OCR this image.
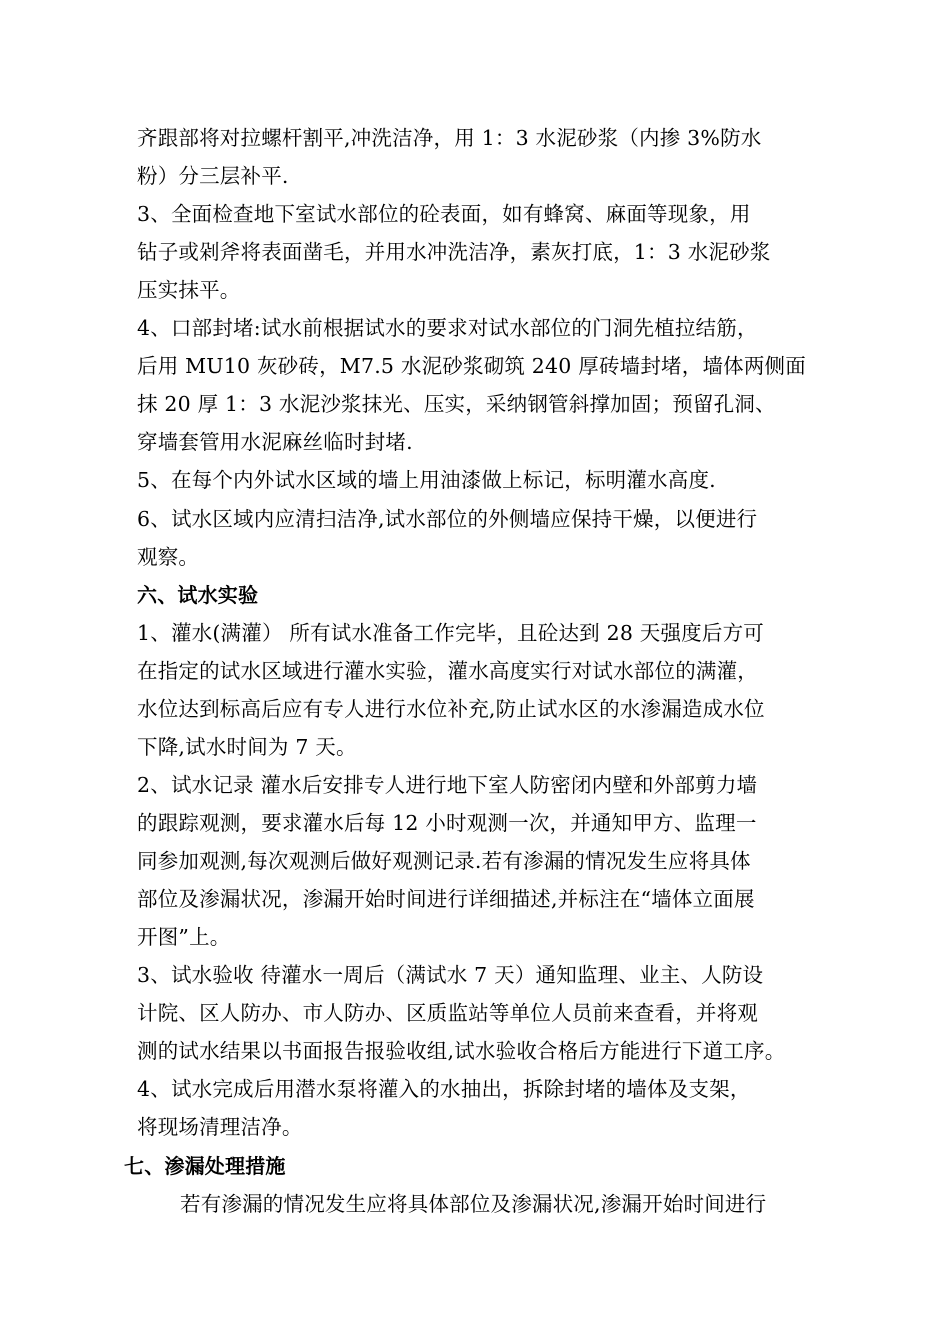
齐跟部将对拉螺杆割平,冲洗洁净，用 1：3 水泥砂浆（内掺 3%防水
粉）分三层补平.
3、全面检查地下室试水部位的砼表面，如有蜂窝、麻面等现象，用
钻子或剁斧将表面凿毛，并用水冲洗洁净，素灰打底，1：3 水泥砂浆
压实抹平。
4、口部封堵:试水前根据试水的要求对试水部位的门洞先植拉结筋，
后用 MU10 灰砂砖，M7.5 水泥砂浆砌筑 240 厚砖墙封堵，墙体两侧面
抹 20 厚 1：3 水泥沙浆抹光、压实，采纳钢管斜撑加固；预留孔洞、
穿墙套管用水泥麻丝临时封堵.
5、在每个内外试水区域的墙上用油漆做上标记，标明灌水高度.
6、试水区域内应清扫洁净,试水部位的外侧墙应保持干燥，以便进行
观察。
六、试水实验
1、灌水(满灌） 所有试水准备工作完毕，且砼达到 28 天强度后方可
在指定的试水区域进行灌水实验，灌水高度实行对试水部位的满灌，
水位达到标高后应有专人进行水位补充,防止试水区的水渗漏造成水位
下降,试水时间为 7 天。
2、试水记录 灌水后安排专人进行地下室人防密闭内壁和外部剪力墙
的跟踪观测，要求灌水后每 12 小时观测一次，并通知甲方、监理一
同参加观测,每次观测后做好观测记录.若有渗漏的情况发生应将具体
部位及渗漏状况，渗漏开始时间进行详细描述,并标注在“墙体立面展
开图”上。
3、试水验收 待灌水一周后（满试水 7 天）通知监理、业主、人防设
计院、区人防办、市人防办、区质监站等单位人员前来查看，并将观
测的试水结果以书面报告报验收组,试水验收合格后方能进行下道工序。
4、试水完成后用潜水泵将灌入的水抽出，拆除封堵的墙体及支架，
将现场清理洁净。
七、渗漏处理措施
若有渗漏的情况发生应将具体部位及渗漏状况,渗漏开始时间进行
